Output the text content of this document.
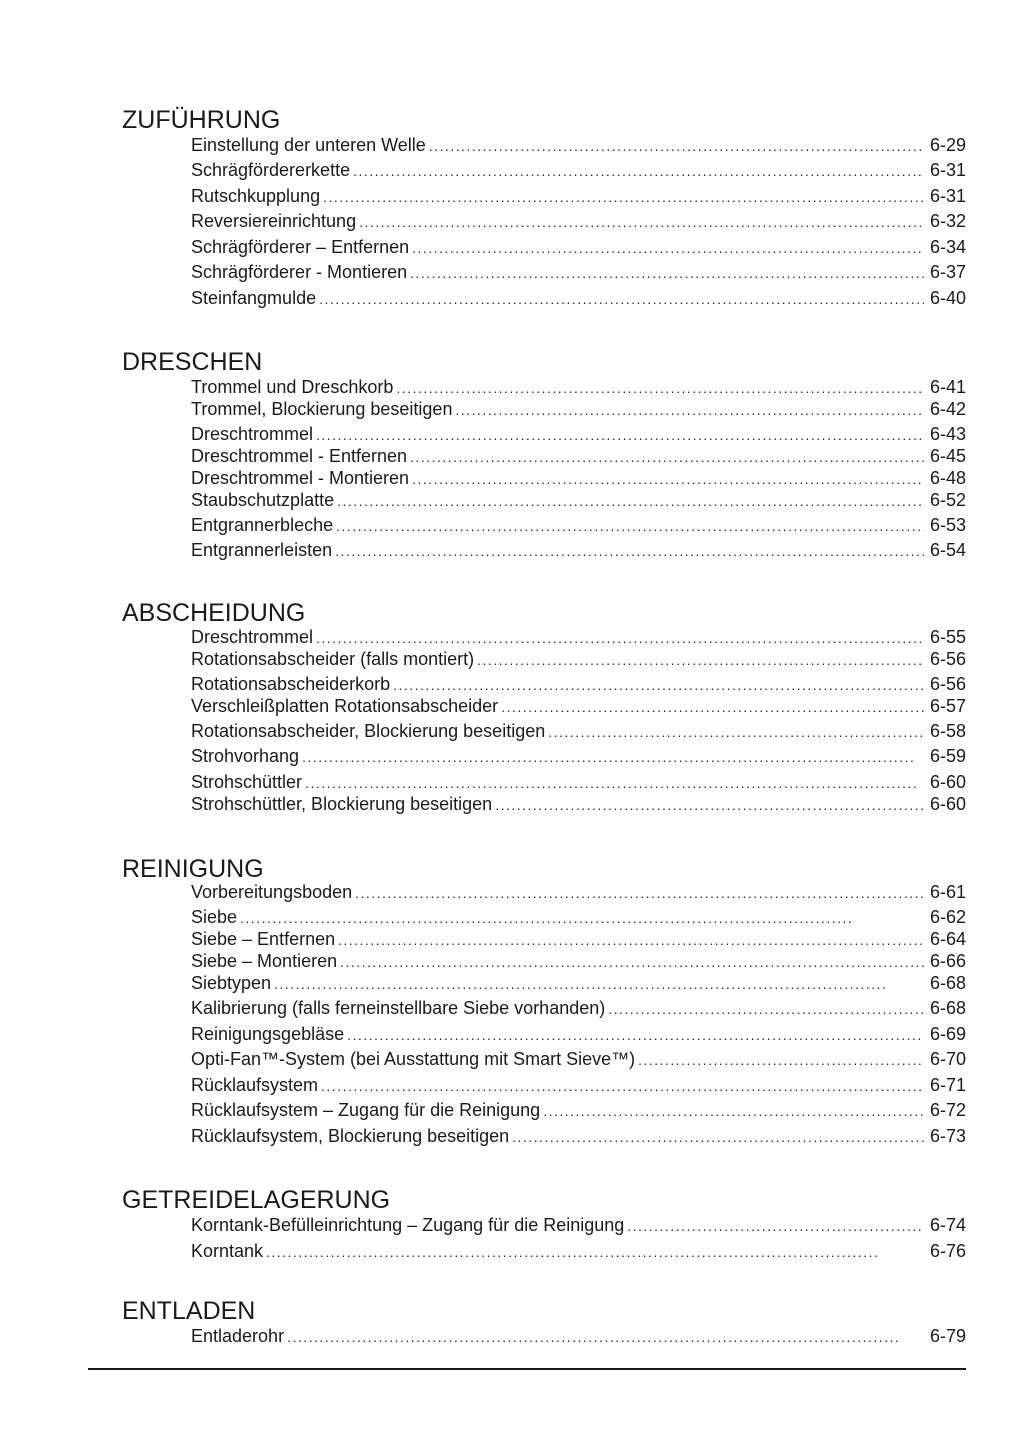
ZUFÜHRUNG
Einstellung der unteren Welle . . .	6-29
Schrägfördererkette . . .	6-31
Rutschkupplung . . .	6-31
Reversiereinrichtung . . .	6-32
Schrägförderer – Entfernen . . .	6-34
Schrägförderer - Montieren . . .	6-37
Steinfangmulde . . .	6-40
DRESCHEN
Trommel und Dreschkorb . . .	6-41
Trommel, Blockierung beseitigen . . .	6-42
Dreschtrommel . . .	6-43
Dreschtrommel - Entfernen . . .	6-45
Dreschtrommel - Montieren . . .	6-48
Staubschutzplatte . . .	6-52
Entgrannerbleche . . .	6-53
Entgrannerleisten . . .	6-54
ABSCHEIDUNG
Dreschtrommel . . .	6-55
Rotationsabscheider (falls montiert) . . .	6-56
Rotationsabscheiderkorb . . .	6-56
Verschleißplatten Rotationsabscheider . . .	6-57
Rotationsabscheider, Blockierung beseitigen . . .	6-58
Strohvorhang . . .	6-59
Strohschüttler . . .	6-60
Strohschüttler, Blockierung beseitigen . . .	6-60
REINIGUNG
Vorbereitungsboden . . .	6-61
Siebe . . .	6-62
Siebe – Entfernen . . .	6-64
Siebe – Montieren . . .	6-66
Siebtypen . . .	6-68
Kalibrierung (falls ferneinstellbare Siebe vorhanden) . . .	6-68
Reinigungsgebläse . . .	6-69
Opti-Fan™-System (bei Ausstattung mit Smart Sieve™) . . .	6-70
Rücklaufsystem . . .	6-71
Rücklaufsystem – Zugang für die Reinigung . . .	6-72
Rücklaufsystem, Blockierung beseitigen . . .	6-73
GETREIDELAGERUNG
Korntank-Befülleinrichtung – Zugang für die Reinigung . . .	6-74
Korntank . . .	6-76
ENTLADEN
Entladerohr . . .	6-79
